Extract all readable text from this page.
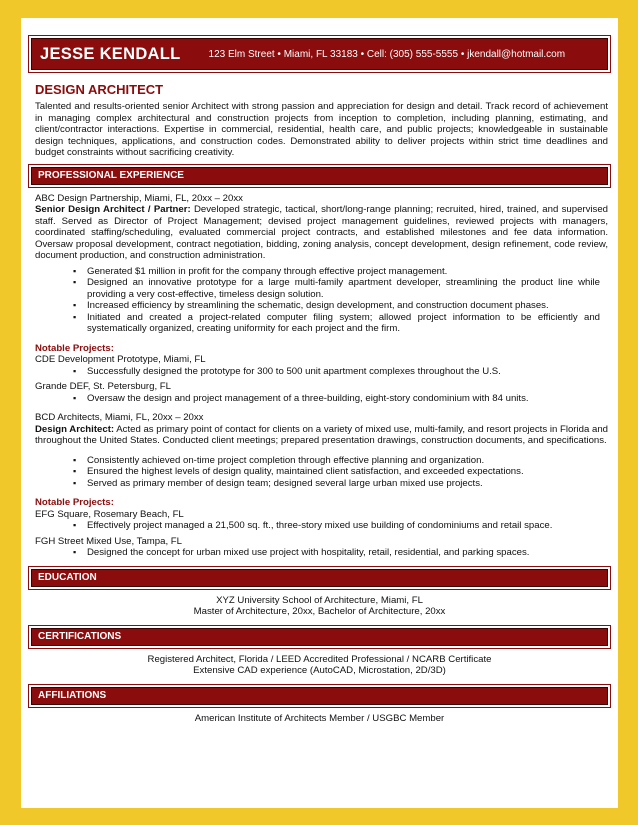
JESSE KENDALL	123 Elm Street • Miami, FL 33183 • Cell: (305) 555-5555 • jkendall@hotmail.com
DESIGN ARCHITECT

Talented and results-oriented senior Architect with strong passion and appreciation for design and detail. Track record of achievement in managing complex architectural and construction projects from inception to completion, including planning, estimating, and client/contractor interactions. Expertise in commercial, residential, health care, and public projects; knowledgeable in sustainable design techniques, applications, and construction codes. Demonstrated ability to deliver projects within strict time deadlines and budget constraints without sacrificing creativity.

PROFESSIONAL EXPERIENCE

ABC Design Partnership, Miami, FL, 20xx – 20xx

Senior Design Architect / Partner: Developed strategic, tactical, short/long-range planning; recruited, hired, trained, and supervised staff. Served as Director of Project Management; devised project management guidelines, reviewed projects with managers, coordinated staffing/scheduling, evaluated commercial project contracts, and established milestones and fee data information. Oversaw proposal development, contract negotiation, bidding, zoning analysis, concept development, design refinement, code review, document production, and construction administration.

▪ Generated $1 million in profit for the company through effective project management.
▪ Designed an innovative prototype for a large multi-family apartment developer, streamlining the product line while providing a very cost-effective, timeless design solution.
▪ Increased efficiency by streamlining the schematic, design development, and construction document phases.
▪ Initiated and created a project-related computer filing system; allowed project information to be efficiently and systematically organized, creating uniformity for each project and the firm.

Notable Projects:

CDE Development Prototype, Miami, FL

▪ Successfully designed the prototype for 300 to 500 unit apartment complexes throughout the U.S.

Grande DEF, St. Petersburg, FL

▪ Oversaw the design and project management of a three-building, eight-story condominium with 84 units.

BCD Architects, Miami, FL, 20xx – 20xx

Design Architect: Acted as primary point of contact for clients on a variety of mixed use, multi-family, and resort projects in Florida and throughout the United States. Conducted client meetings; prepared presentation drawings, construction documents, and specifications.

▪ Consistently achieved on-time project completion through effective planning and organization.
▪ Ensured the highest levels of design quality, maintained client satisfaction, and exceeded expectations.
▪ Served as primary member of design team; designed several large urban mixed use projects.

Notable Projects:

EFG Square, Rosemary Beach, FL

▪ Effectively project managed a 21,500 sq. ft., three-story mixed use building of condominiums and retail space.

FGH Street Mixed Use, Tampa, FL

▪ Designed the concept for urban mixed use project with hospitality, retail, residential, and parking spaces.
EDUCATION
XYZ University School of Architecture, Miami, FL
Master of Architecture, 20xx, Bachelor of Architecture, 20xx
CERTIFICATIONS
Registered Architect, Florida / LEED Accredited Professional / NCARB Certificate
Extensive CAD experience (AutoCAD, Microstation, 2D/3D)
AFFILIATIONS
American Institute of Architects Member / USGBC Member
